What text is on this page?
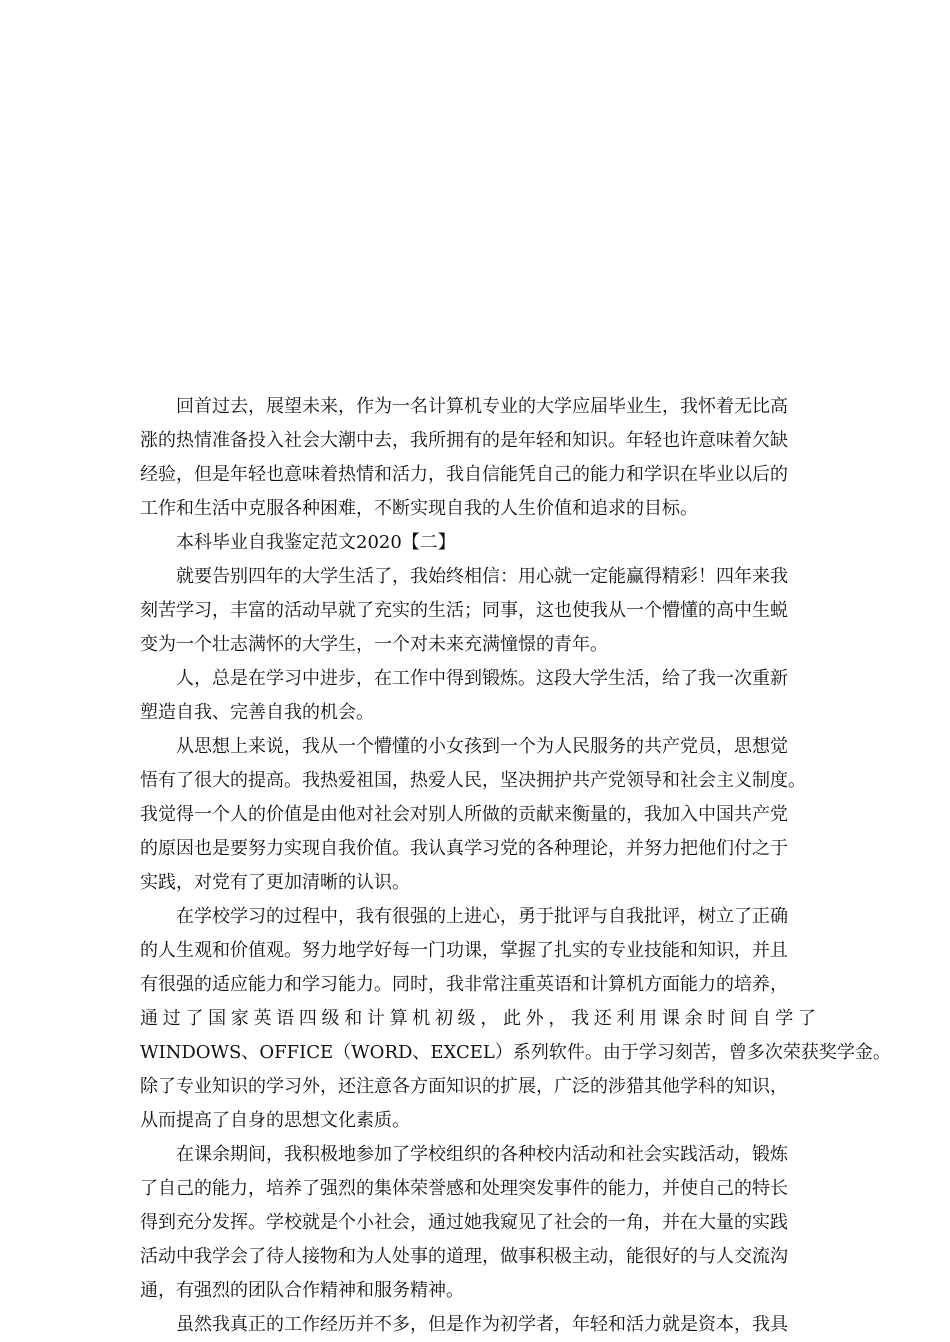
回首过去，展望未来，作为一名计算机专业的大学应届毕业生，我怀着无比高
涨的热情准备投入社会大潮中去，我所拥有的是年轻和知识。年轻也许意味着欠缺
经验，但是年轻也意味着热情和活力，我自信能凭自己的能力和学识在毕业以后的
工作和生活中克服各种困难，不断实现自我的人生价值和追求的目标。
本科毕业自我鉴定范文2020【二】
就要告别四年的大学生活了，我始终相信：用心就一定能赢得精彩！四年来我
刻苦学习，丰富的活动早就了充实的生活；同事，这也使我从一个懵懂的高中生蜕
变为一个壮志满怀的大学生，一个对未来充满憧憬的青年。
人，总是在学习中进步，在工作中得到锻炼。这段大学生活，给了我一次重新
塑造自我、完善自我的机会。
从思想上来说，我从一个懵懂的小女孩到一个为人民服务的共产党员，思想觉
悟有了很大的提高。我热爱祖国，热爱人民，坚决拥护共产党领导和社会主义制度。
我觉得一个人的价值是由他对社会对别人所做的贡献来衡量的，我加入中国共产党
的原因也是要努力实现自我价值。我认真学习党的各种理论，并努力把他们付之于
实践，对党有了更加清晰的认识。
在学校学习的过程中，我有很强的上进心，勇于批评与自我批评，树立了正确
的人生观和价值观。努力地学好每一门功课，掌握了扎实的专业技能和知识，并且
有很强的适应能力和学习能力。同时，我非常注重英语和计算机方面能力的培养，
通过了国家英语四级和计算机初级，此外，我还利用课余时间自学了
WINDOWS、OFFICE（WORD、EXCEL）系列软件。由于学习刻苦，曾多次荣获奖学金。
除了专业知识的学习外，还注意各方面知识的扩展，广泛的涉猎其他学科的知识，
从而提高了自身的思想文化素质。
在课余期间，我积极地参加了学校组织的各种校内活动和社会实践活动，锻炼
了自己的能力，培养了强烈的集体荣誉感和处理突发事件的能力，并使自己的特长
得到充分发挥。学校就是个小社会，通过她我窥见了社会的一角，并在大量的实践
活动中我学会了待人接物和为人处事的道理，做事积极主动，能很好的与人交流沟
通，有强烈的团队合作精神和服务精神。
虽然我真正的工作经历并不多，但是作为初学者，年轻和活力就是资本，我具
